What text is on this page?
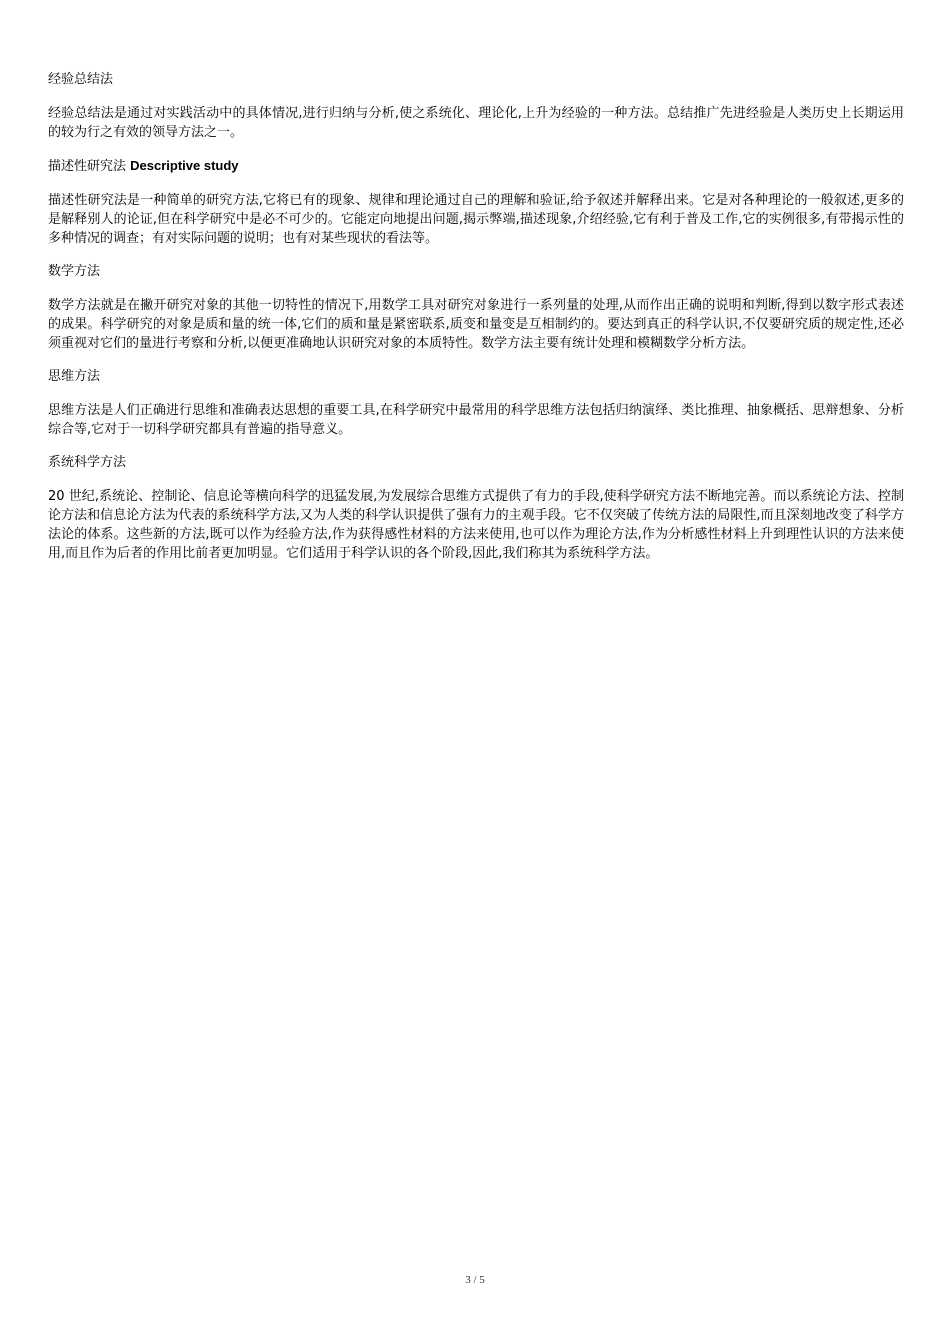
经验总结法

经验总结法是通过对实践活动中的具体情况,进行归纳与分析,使之系统化、理论化,上升为经验的一种方法。总结推广先进经验是人类历史上长期运用的较为行之有效的领导方法之一。

描述性研究法 Descriptive study

描述性研究法是一种简单的研究方法,它将已有的现象、规律和理论通过自己的理解和验证,给予叙述并解释出来。它是对各种理论的一般叙述,更多的是解释别人的论证,但在科学研究中是必不可少的。它能定向地提出问题,揭示弊端,描述现象,介绍经验,它有利于普及工作,它的实例很多,有带揭示性的多种情况的调查；有对实际问题的说明；也有对某些现状的看法等。

数学方法

数学方法就是在撇开研究对象的其他一切特性的情况下,用数学工具对研究对象进行一系列量的处理,从而作出正确的说明和判断,得到以数字形式表述的成果。科学研究的对象是质和量的统一体,它们的质和量是紧密联系,质变和量变是互相制约的。要达到真正的科学认识,不仅要研究质的规定性,还必须重视对它们的量进行考察和分析,以便更准确地认识研究对象的本质特性。数学方法主要有统计处理和模糊数学分析方法。

思维方法

思维方法是人们正确进行思维和准确表达思想的重要工具,在科学研究中最常用的科学思维方法包括归纳演绎、类比推理、抽象概括、思辩想象、分析综合等,它对于一切科学研究都具有普遍的指导意义。

系统科学方法

20 世纪,系统论、控制论、信息论等横向科学的迅猛发展,为发展综合思维方式提供了有力的手段,使科学研究方法不断地完善。而以系统论方法、控制论方法和信息论方法为代表的系统科学方法,又为人类的科学认识提供了强有力的主观手段。它不仅突破了传统方法的局限性,而且深刻地改变了科学方法论的体系。这些新的方法,既可以作为经验方法,作为获得感性材料的方法来使用,也可以作为理论方法,作为分析感性材料上升到理性认识的方法来使用,而且作为后者的作用比前者更加明显。它们适用于科学认识的各个阶段,因此,我们称其为系统科学方法。

3 / 5
